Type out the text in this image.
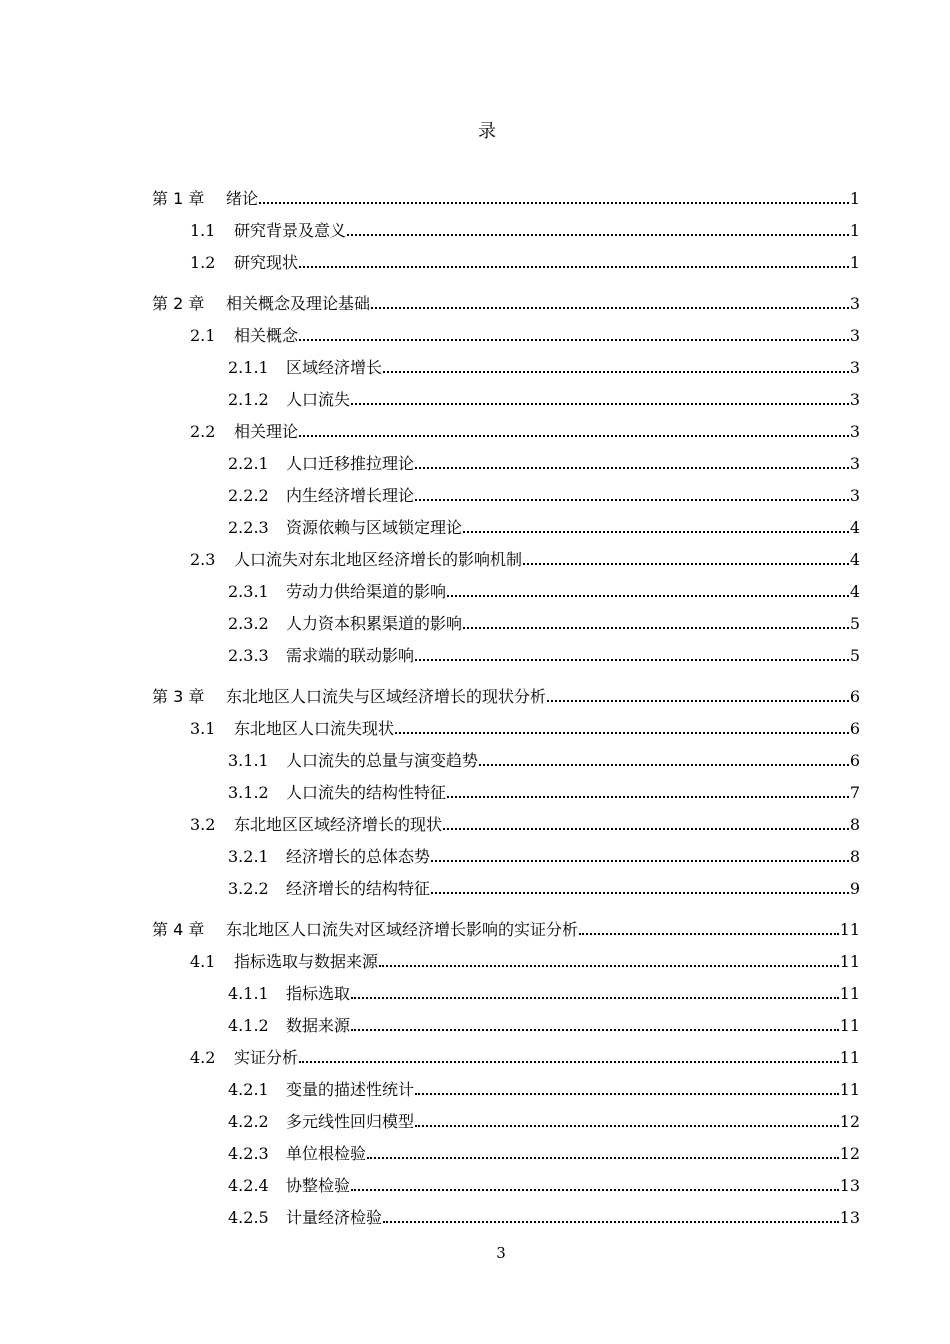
录
第 1 章	绪论	1
1.1	研究背景及意义	1
1.2	研究现状	1
第 2 章	相关概念及理论基础	3
2.1	相关概念	3
2.1.1	区域经济增长	3
2.1.2	人口流失	3
2.2	相关理论	3
2.2.1	人口迁移推拉理论	3
2.2.2	内生经济增长理论	3
2.2.3	资源依赖与区域锁定理论	4
2.3	人口流失对东北地区经济增长的影响机制	4
2.3.1	劳动力供给渠道的影响	4
2.3.2	人力资本积累渠道的影响	5
2.3.3	需求端的联动影响	5
第 3 章	东北地区人口流失与区域经济增长的现状分析	6
3.1	东北地区人口流失现状	6
3.1.1	人口流失的总量与演变趋势	6
3.1.2	人口流失的结构性特征	7
3.2	东北地区区域经济增长的现状	8
3.2.1	经济增长的总体态势	8
3.2.2	经济增长的结构特征	9
第 4 章	东北地区人口流失对区域经济增长影响的实证分析	11
4.1	指标选取与数据来源	11
4.1.1	指标选取	11
4.1.2	数据来源	11
4.2	实证分析	11
4.2.1	变量的描述性统计	11
4.2.2	多元线性回归模型	12
4.2.3	单位根检验	12
4.2.4	协整检验	13
4.2.5	计量经济检验	13
3
